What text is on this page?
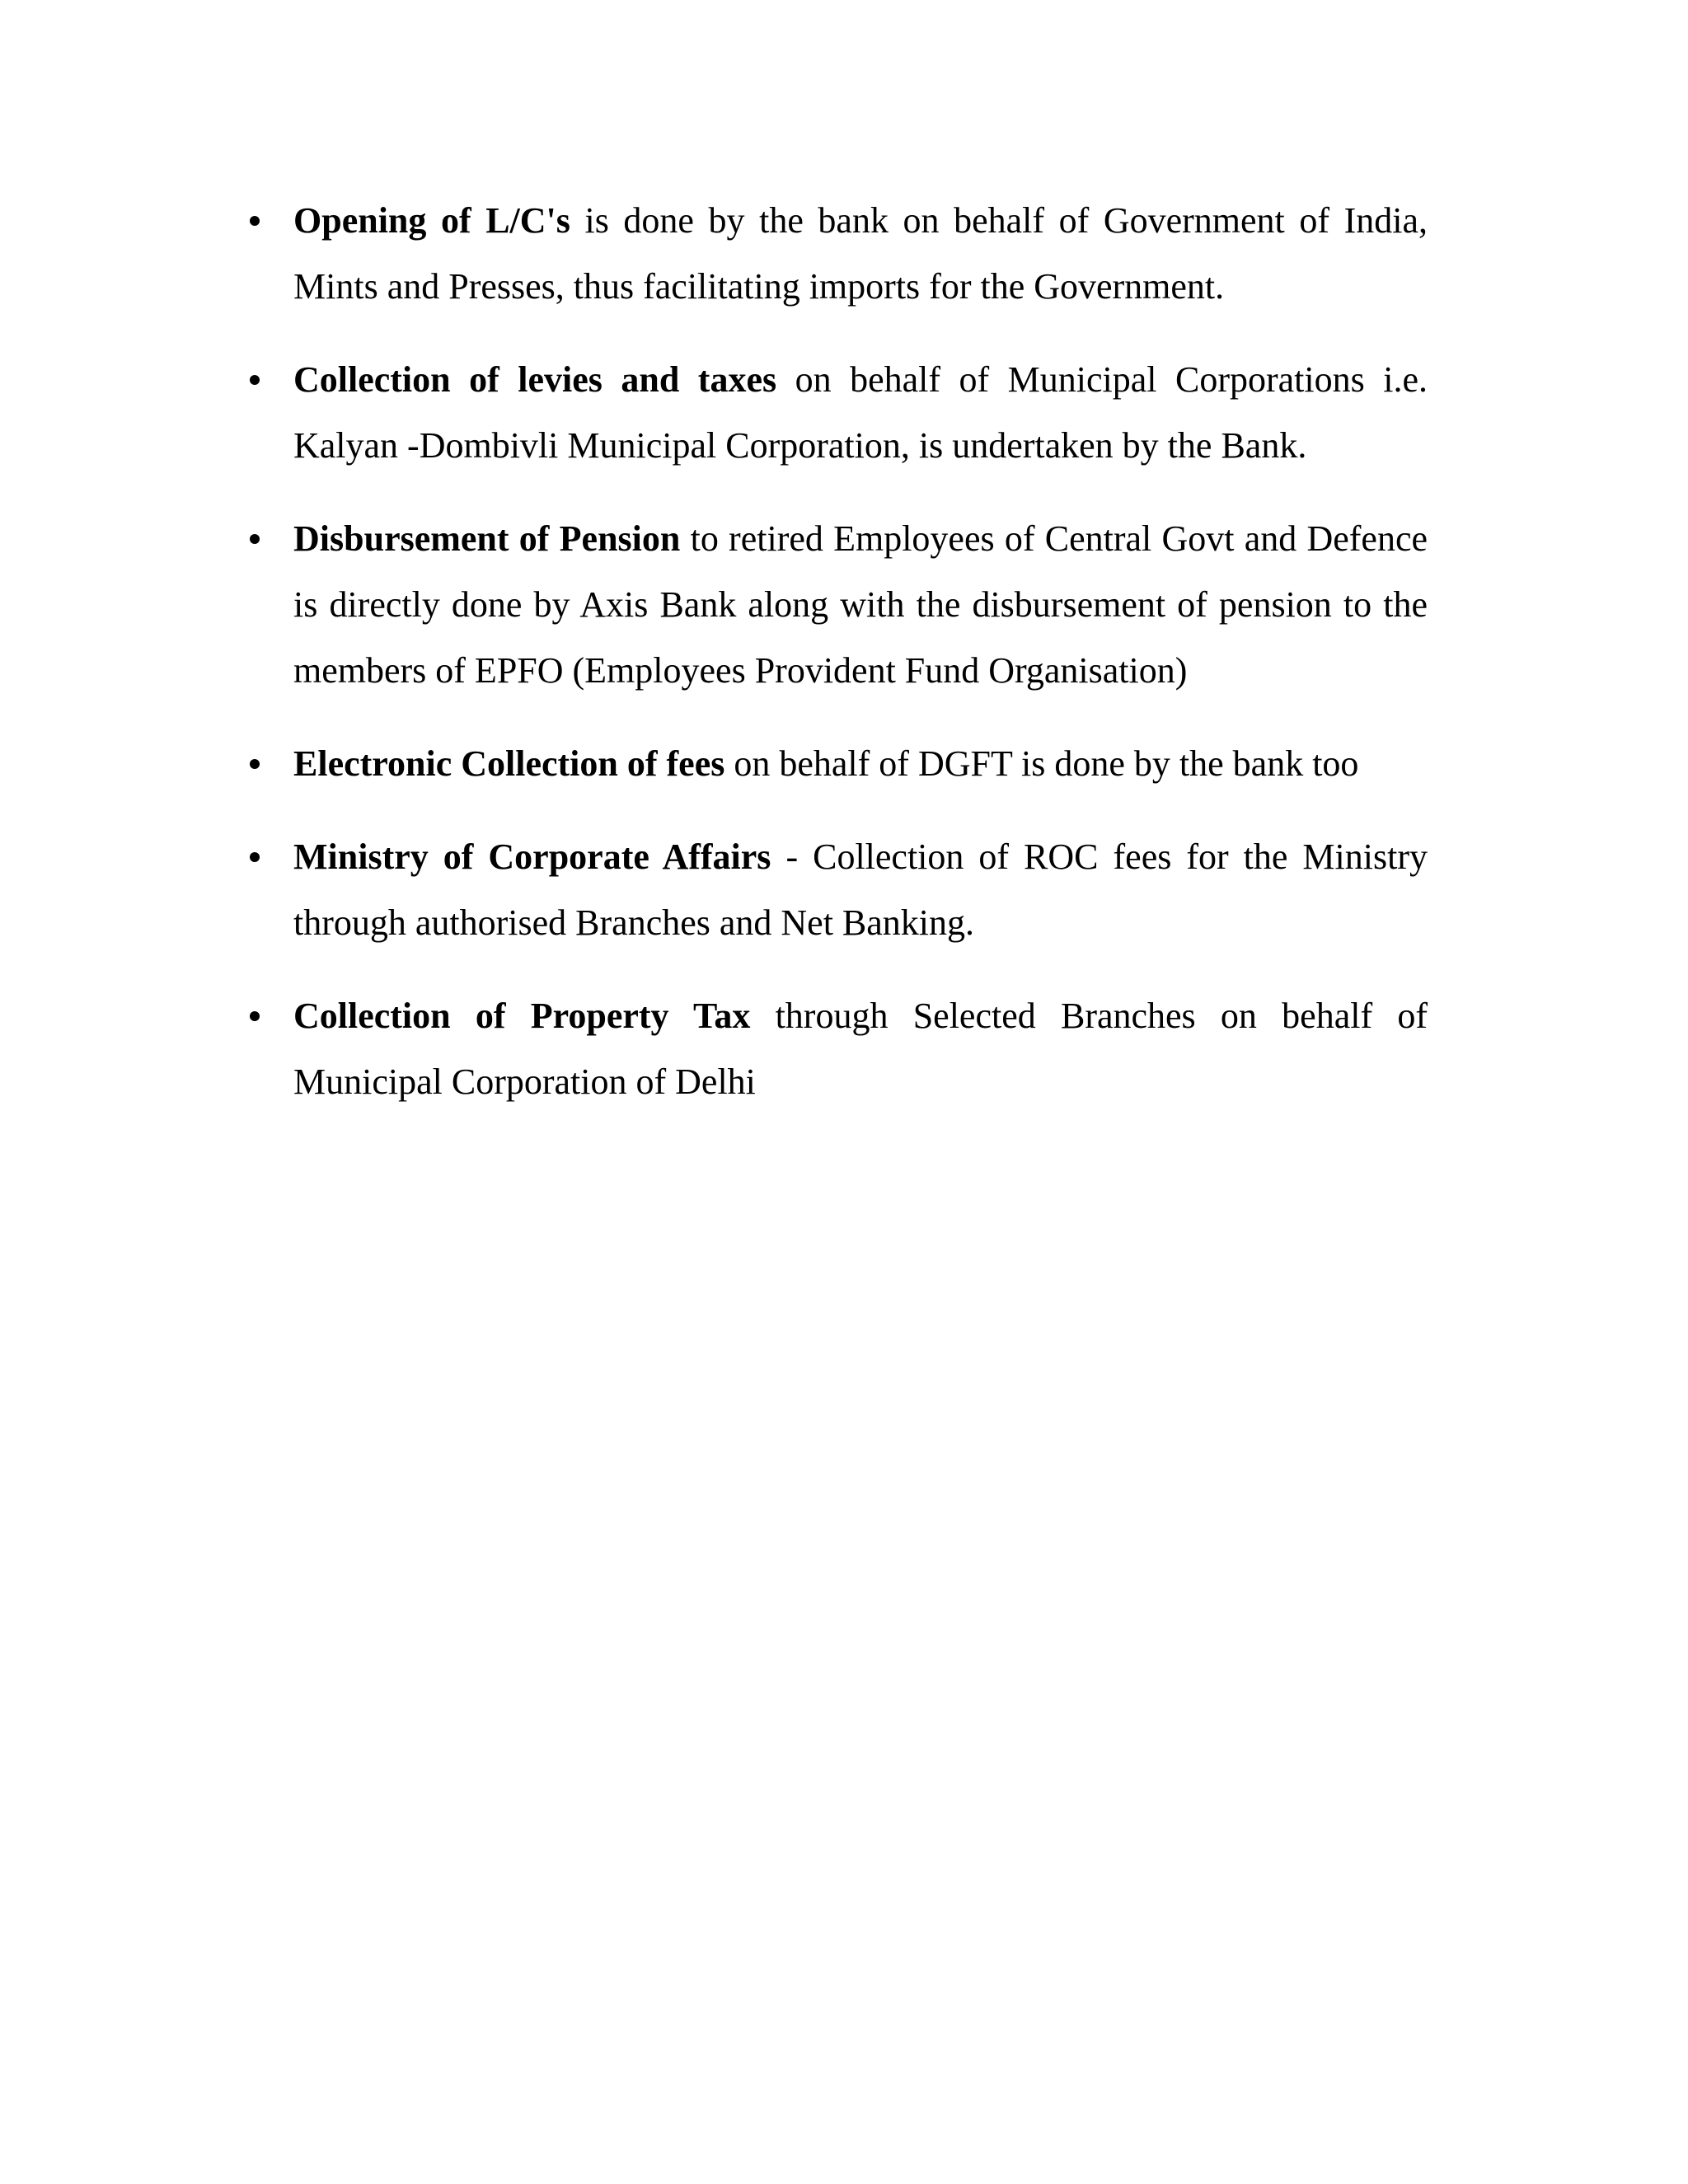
Opening of L/C's is done by the bank on behalf of Government of India, Mints and Presses, thus facilitating imports for the Government.
Collection of levies and taxes on behalf of Municipal Corporations i.e. Kalyan -Dombivli Municipal Corporation, is undertaken by the Bank.
Disbursement of Pension to retired Employees of Central Govt and Defence is directly done by Axis Bank along with the disbursement of pension to the members of EPFO (Employees Provident Fund Organisation)
Electronic Collection of fees on behalf of DGFT is done by the bank too
Ministry of Corporate Affairs - Collection of ROC fees for the Ministry through authorised Branches and Net Banking.
Collection of Property Tax through Selected Branches on behalf of Municipal Corporation of Delhi
